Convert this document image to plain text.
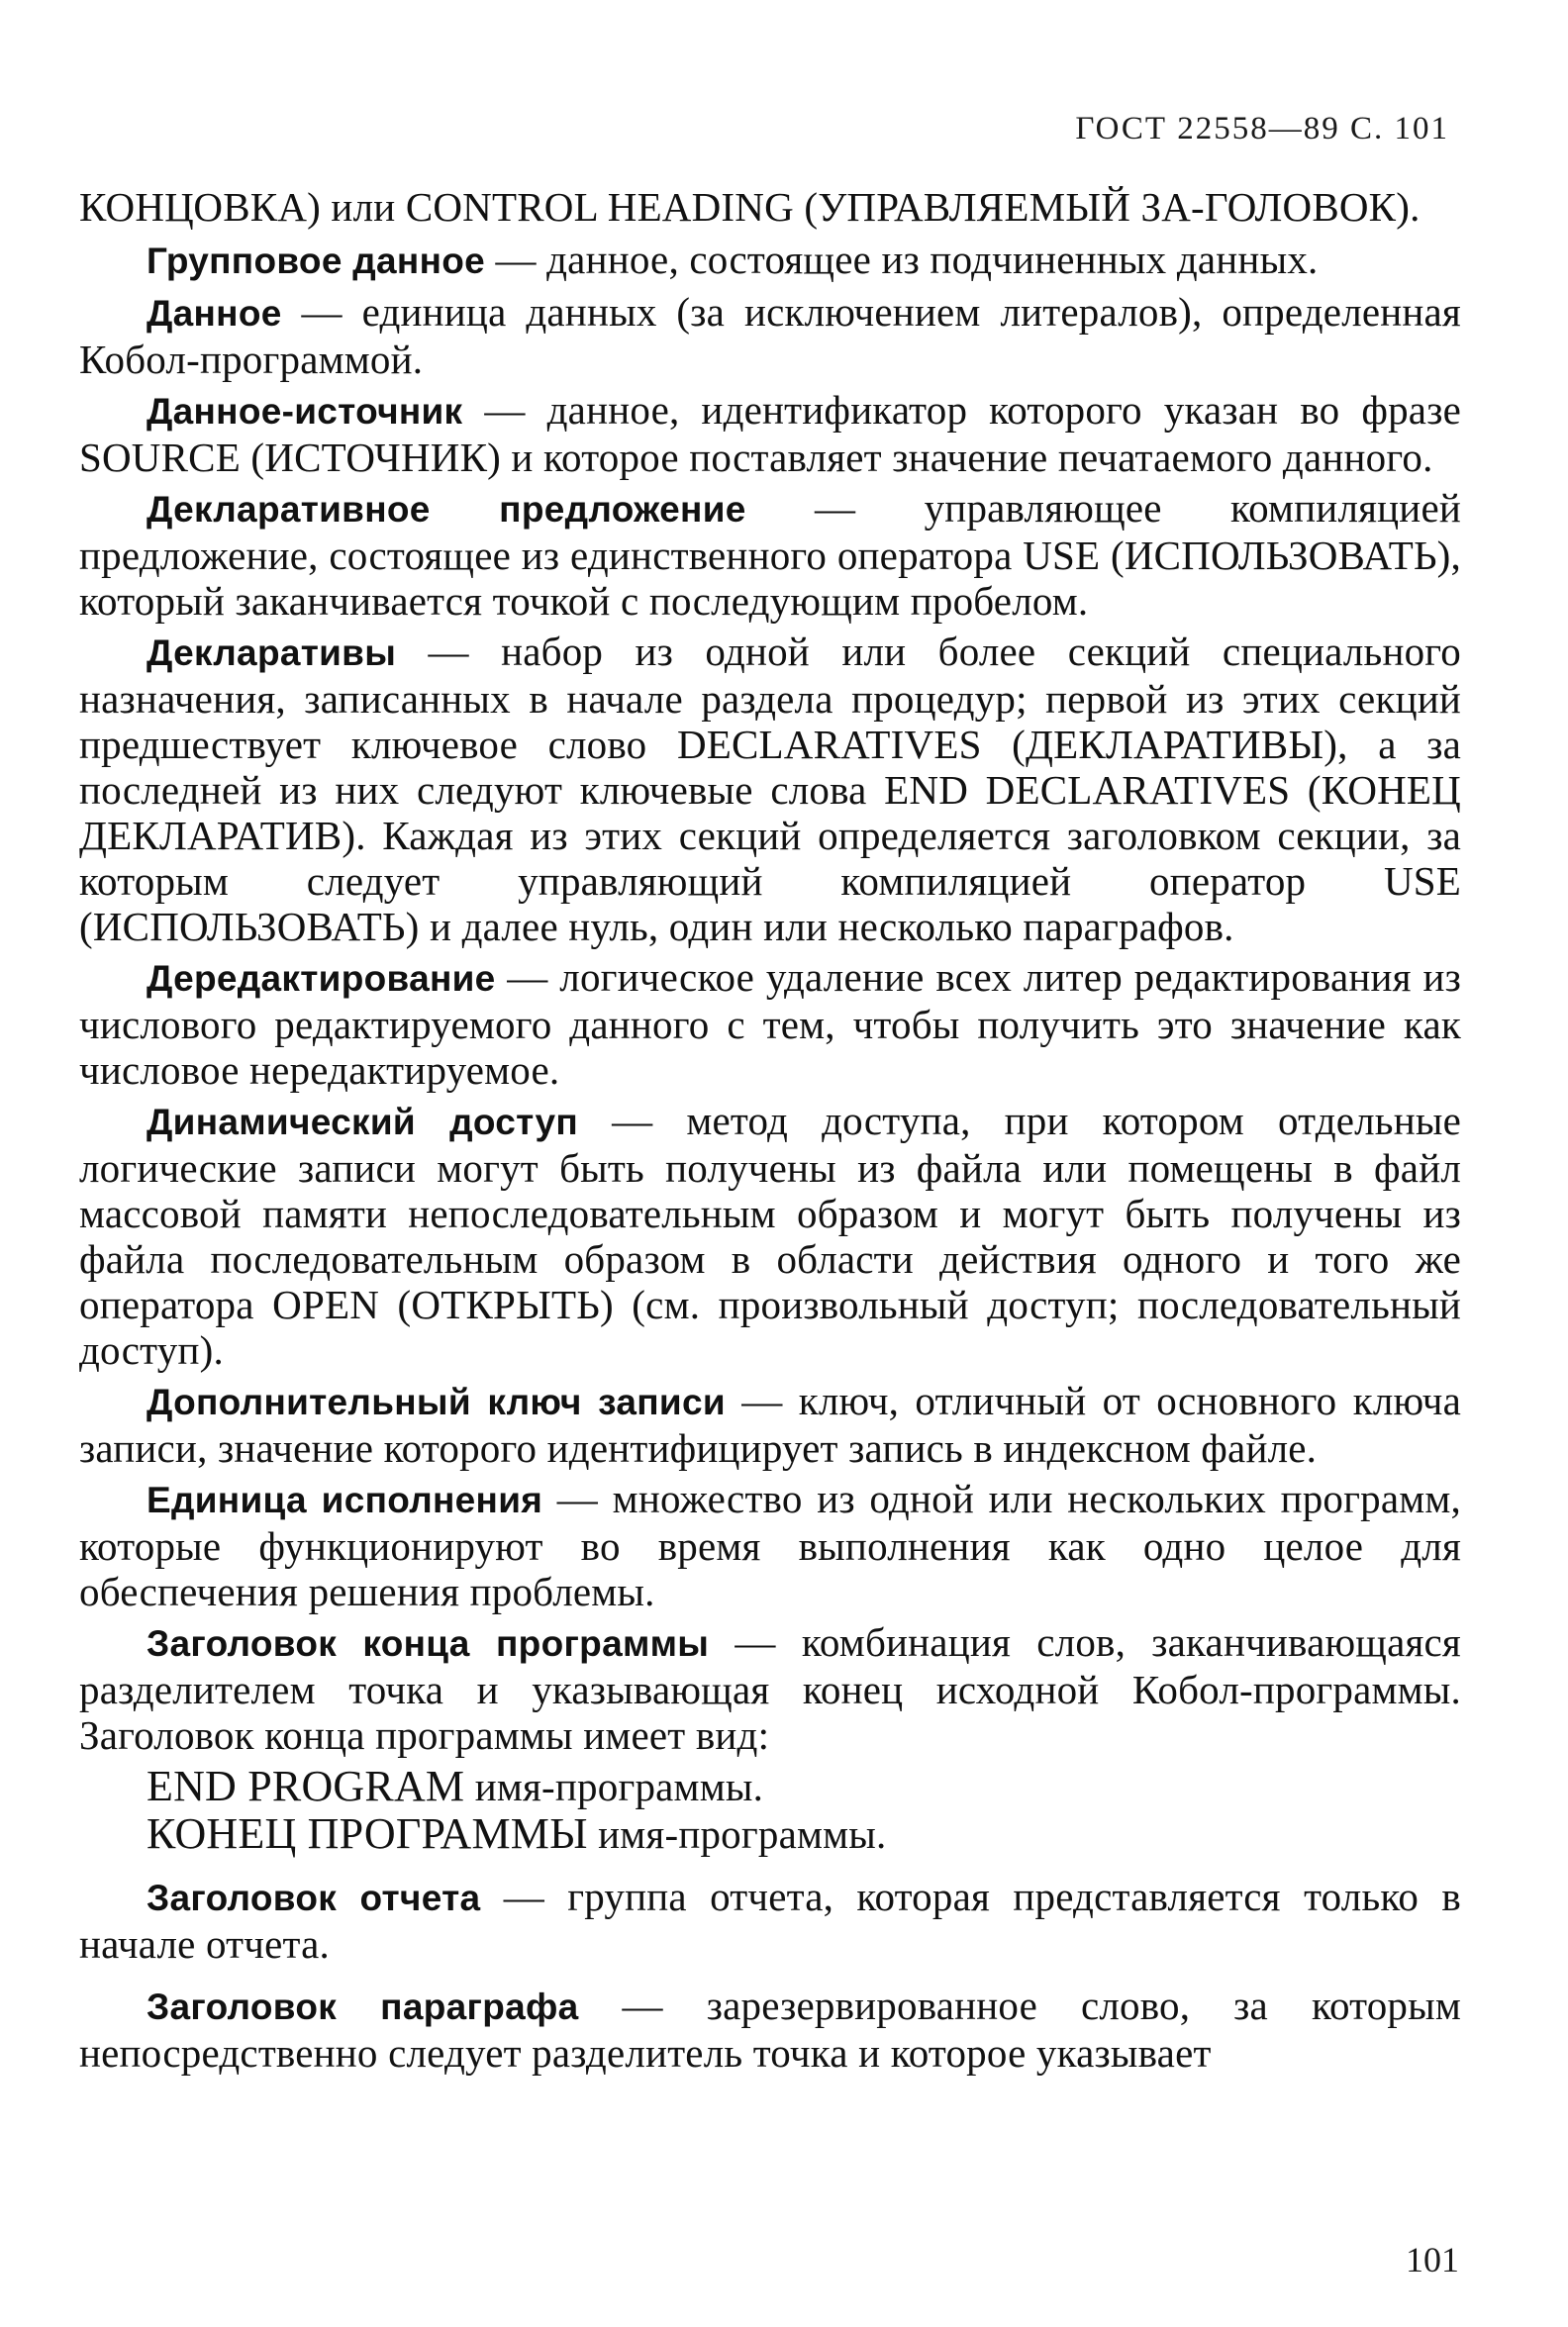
ГОСТ 22558—89 С. 101

КОНЦОВКА) или CONTROL HEADING (УПРАВЛЯЕМЫЙ ЗА-ГОЛОВОК).

Групповое данное — данное, состоящее из подчиненных данных.

Данное — единица данных (за исключением литералов), определенная Кобол-программой.

Данное-источник — данное, идентификатор которого указан во фразе SOURCE (ИСТОЧНИК) и которое поставляет значение печатаемого данного.

Декларативное предложение — управляющее компиляцией предложение, состоящее из единственного оператора USE (ИСПОЛЬЗОВАТЬ), который заканчивается точкой с последующим пробелом.

Декларативы — набор из одной или более секций специального назначения, записанных в начале раздела процедур; первой из этих секций предшествует ключевое слово DECLARATIVES (ДЕКЛАРАТИВЫ), а за последней из них следуют ключевые слова END DECLARATIVES (КОНЕЦ ДЕКЛАРАТИВ). Каждая из этих секций определяется заголовком секции, за которым следует управляющий компиляцией оператор USE (ИСПОЛЬЗОВАТЬ) и далее нуль, один или несколько параграфов.

Дередактирование — логическое удаление всех литер редактирования из числового редактируемого данного с тем, чтобы получить это значение как числовое нередактируемое.

Динамический доступ — метод доступа, при котором отдельные логические записи могут быть получены из файла или помещены в файл массовой памяти непоследовательным образом и могут быть получены из файла последовательным образом в области действия одного и того же оператора OPEN (ОТКРЫТЬ) (см. произвольный доступ; последовательный доступ).

Дополнительный ключ записи — ключ, отличный от основного ключа записи, значение которого идентифицирует запись в индексном файле.

Единица исполнения — множество из одной или нескольких программ, которые функционируют во время выполнения как одно целое для обеспечения решения проблемы.

Заголовок конца программы — комбинация слов, заканчивающаяся разделителем точка и указывающая конец исходной Кобол-программы. Заголовок конца программы имеет вид:

END PROGRAM имя-программы.

КОНЕЦ ПРОГРАММЫ имя-программы.

Заголовок отчета — группа отчета, которая представляется только в начале отчета.

Заголовок параграфа — зарезервированное слово, за которым непосредственно следует разделитель точка и которое указывает

101
